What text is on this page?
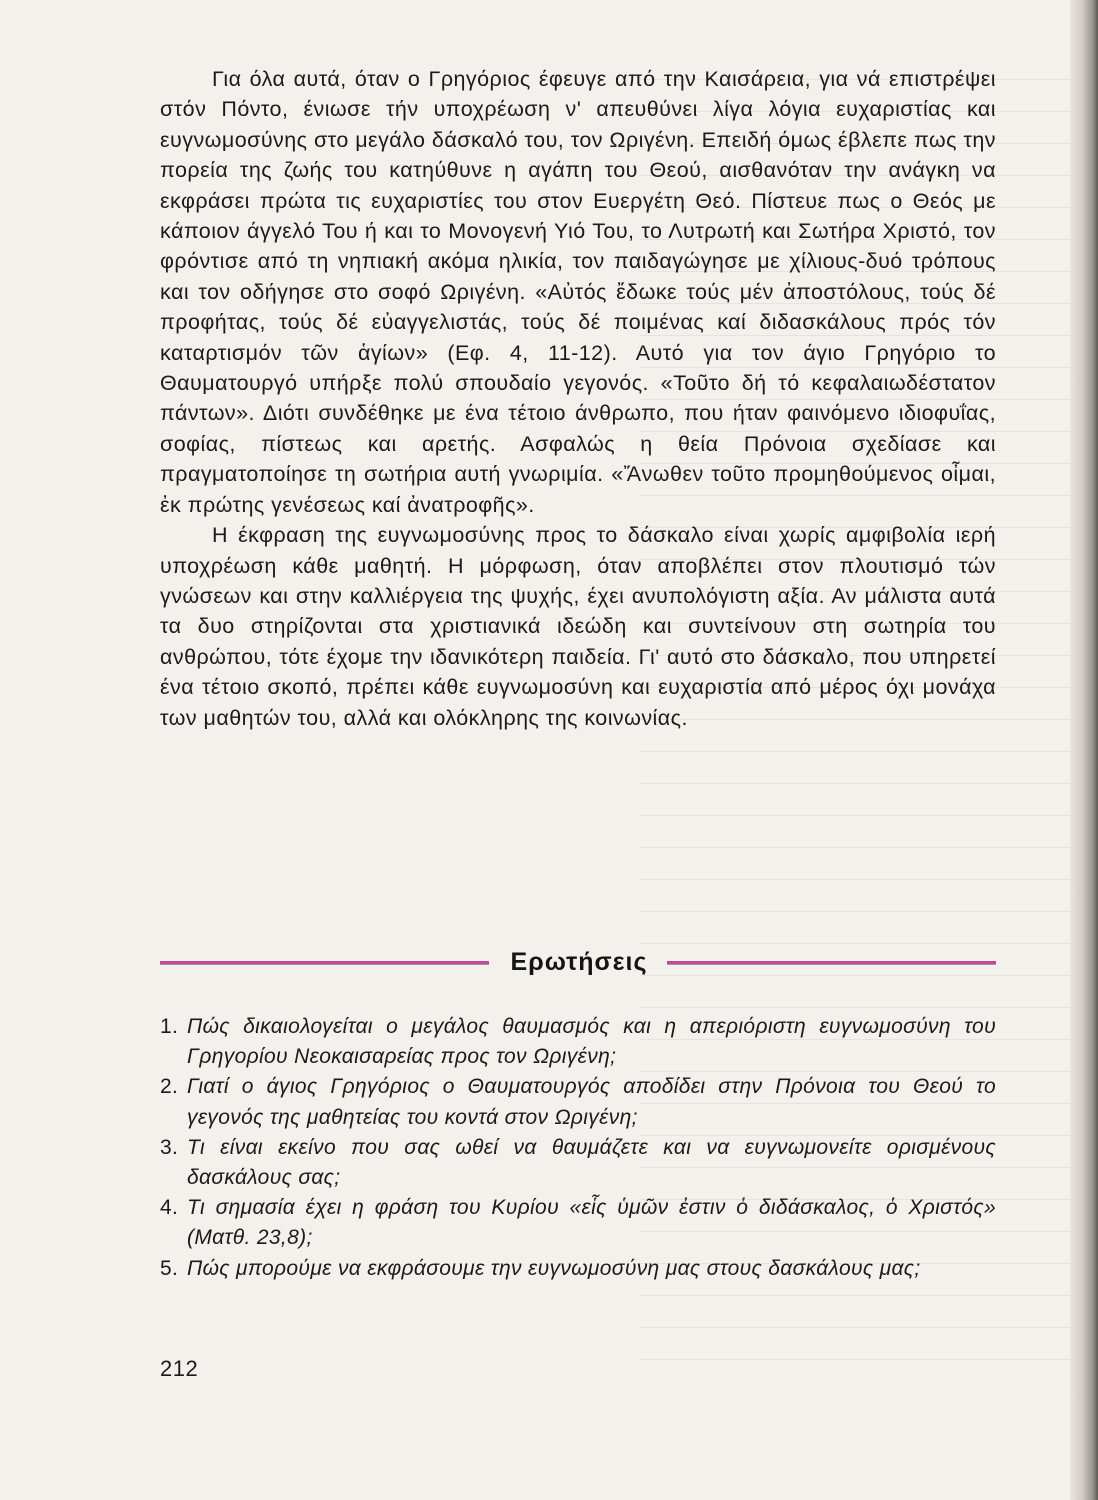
Για όλα αυτά, όταν ο Γρηγόριος έφευγε από την Καισάρεια, για νά επιστρέψει στόν Πόντο, ένιωσε τήν υποχρέωση ν' απευθύνει λίγα λόγια ευχαριστίας και ευγνωμοσύνης στο μεγάλο δάσκαλό του, τον Ωριγένη. Επειδή όμως έβλεπε πως την πορεία της ζωής του κατηύθυνε η αγάπη του Θεού, αισθανόταν την ανάγκη να εκφράσει πρώτα τις ευχαριστίες του στον Ευεργέτη Θεό. Πίστευε πως ο Θεός με κάποιον άγγελό Του ή και το Μονογενή Υιό Του, το Λυτρωτή και Σωτήρα Χριστό, τον φρόντισε από τη νηπιακή ακόμα ηλικία, τον παιδαγώγησε με χίλιους-δυό τρόπους και τον οδήγησε στο σοφό Ωριγένη. «Αὐτός ἔδωκε τούς μέν ἀποστόλους, τούς δέ προφήτας, τούς δέ εὐαγγελιστάς, τούς δέ ποιμένας καί διδασκάλους πρός τόν καταρτισμόν τῶν ἁγίων» (Εφ. 4, 11-12). Αυτό για τον άγιο Γρηγόριο το Θαυματουργό υπήρξε πολύ σπουδαίο γεγονός. «Τοῦτο δή τό κεφαλαιωδέστατον πάντων». Διότι συνδέθηκε με ένα τέτοιο άνθρωπο, που ήταν φαινόμενο ιδιοφυΐας, σοφίας, πίστεως και αρετής. Ασφαλώς η θεία Πρόνοια σχεδίασε και πραγματοποίησε τη σωτήρια αυτή γνωριμία. «Ἄνωθεν τοῦτο προμηθούμενος οἶμαι, ἐκ πρώτης γενέσεως καί ἀνατροφῆς».

Η έκφραση της ευγνωμοσύνης προς το δάσκαλο είναι χωρίς αμφιβολία ιερή υποχρέωση κάθε μαθητή. Η μόρφωση, όταν αποβλέπει στον πλουτισμό τών γνώσεων και στην καλλιέργεια της ψυχής, έχει ανυπολόγιστη αξία. Αν μάλιστα αυτά τα δυο στηρίζονται στα χριστιανικά ιδεώδη και συντείνουν στη σωτηρία του ανθρώπου, τότε έχομε την ιδανικότερη παιδεία. Γι' αυτό στο δάσκαλο, που υπηρετεί ένα τέτοιο σκοπό, πρέπει κάθε ευγνωμοσύνη και ευχαριστία από μέρος όχι μονάχα των μαθητών του, αλλά και ολόκληρης της κοινωνίας.

Ερωτήσεις
1. Πώς δικαιολογείται ο μεγάλος θαυμασμός και η απεριόριστη ευγνωμοσύνη του Γρηγορίου Νεοκαισαρείας προς τον Ωριγένη;
2. Γιατί ο άγιος Γρηγόριος ο Θαυματουργός αποδίδει στην Πρόνοια του Θεού το γεγονός της μαθητείας του κοντά στον Ωριγένη;
3. Τι είναι εκείνο που σας ωθεί να θαυμάζετε και να ευγνωμονείτε ορισμένους δασκάλους σας;
4. Τι σημασία έχει η φράση του Κυρίου «εἷς ὑμῶν ἐστιν ὁ διδάσκαλος, ὁ Χριστός» (Ματθ. 23,8);
5. Πώς μπορούμε να εκφράσουμε την ευγνωμοσύνη μας στους δασκάλους μας;
212
